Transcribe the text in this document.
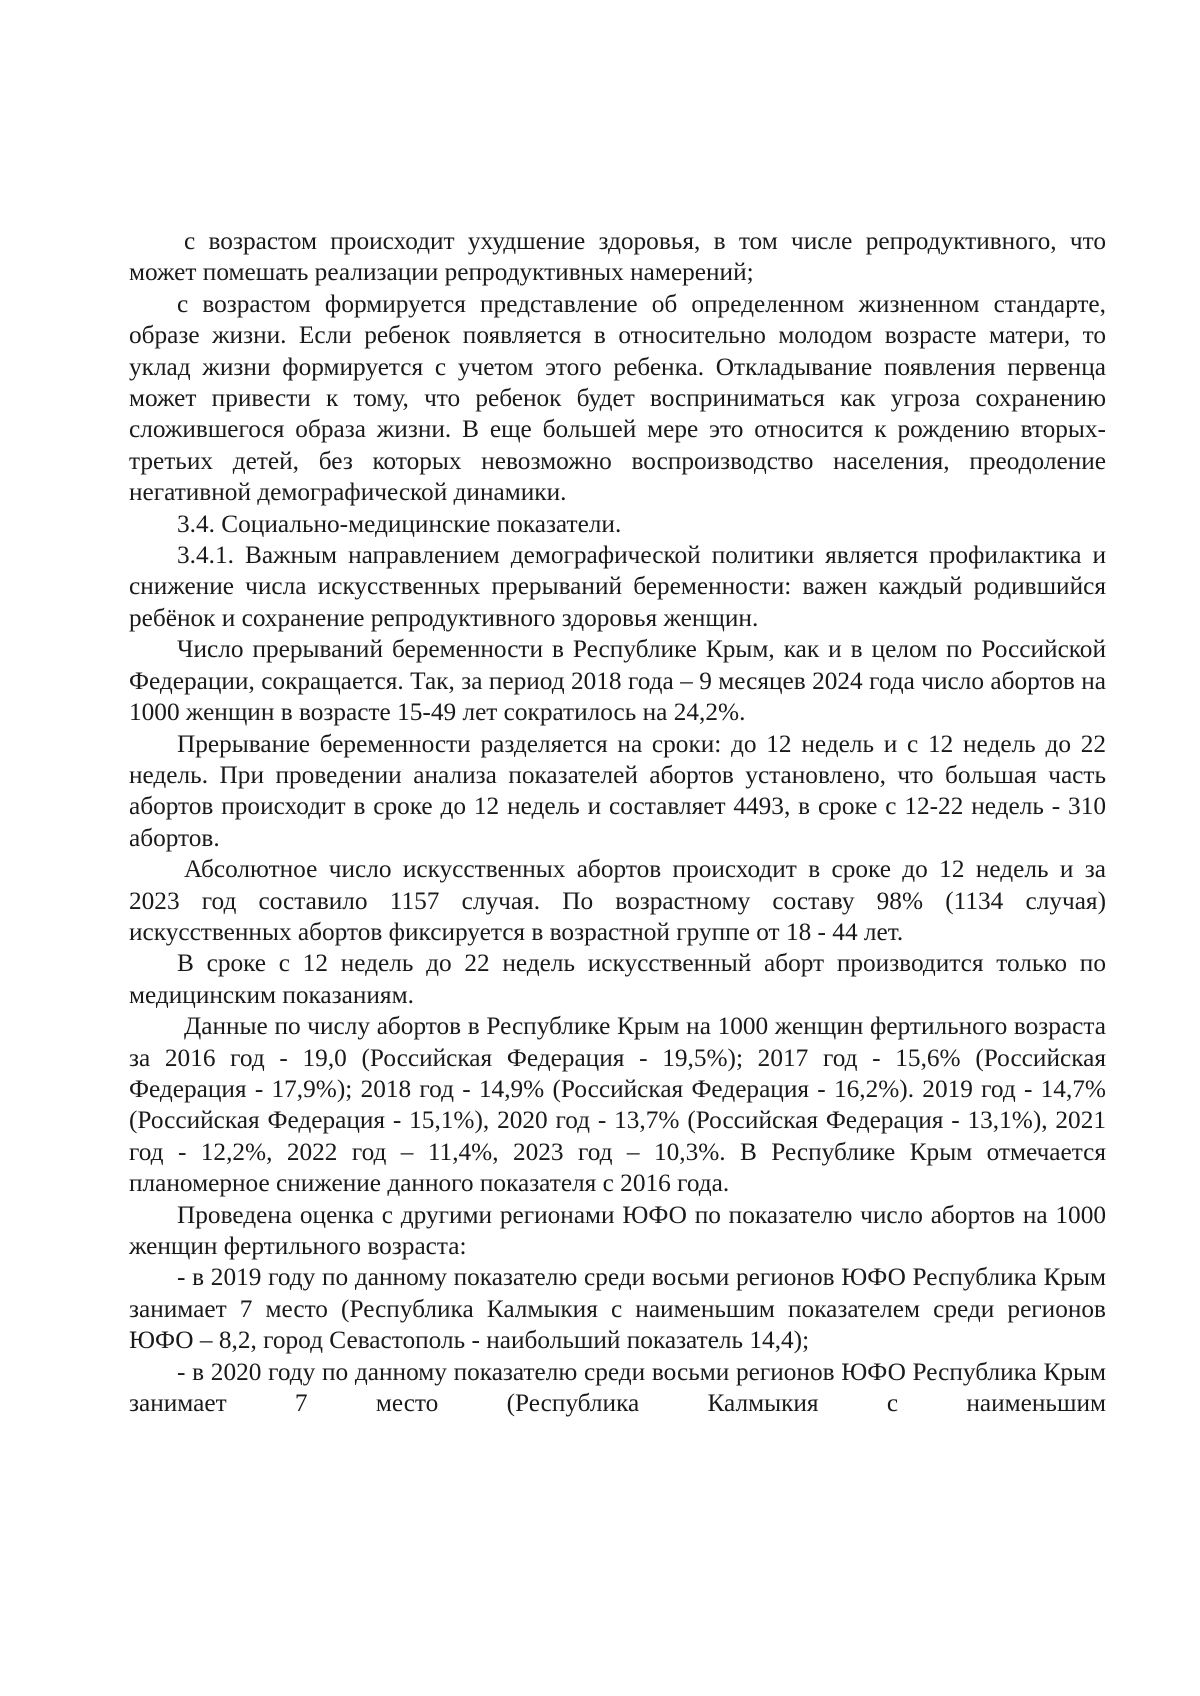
с возрастом происходит ухудшение здоровья, в том числе репродуктивного, что может помешать реализации репродуктивных намерений;

с возрастом формируется представление об определенном жизненном стандарте, образе жизни. Если ребенок появляется в относительно молодом возрасте матери, то уклад жизни формируется с учетом этого ребенка. Откладывание появления первенца может привести к тому, что ребенок будет восприниматься как угроза сохранению сложившегося образа жизни. В еще большей мере это относится к рождению вторых-третьих детей, без которых невозможно воспроизводство населения, преодоление негативной демографической динамики.

3.4. Социально-медицинские показатели.

3.4.1. Важным направлением демографической политики является профилактика и снижение числа искусственных прерываний беременности: важен каждый родившийся ребёнок и сохранение репродуктивного здоровья женщин.

Число прерываний беременности в Республике Крым, как и в целом по Российской Федерации, сокращается. Так, за период 2018 года – 9 месяцев 2024 года число абортов на 1000 женщин в возрасте 15-49 лет сократилось на 24,2%.

Прерывание беременности разделяется на сроки: до 12 недель и с 12 недель до 22 недель. При проведении анализа показателей абортов установлено, что большая часть абортов происходит в сроке до 12 недель и составляет 4493, в сроке с 12-22 недель - 310 абортов.

Абсолютное число искусственных абортов происходит в сроке до 12 недель и за 2023 год составило 1157 случая. По возрастному составу 98% (1134 случая) искусственных абортов фиксируется в возрастной группе от 18 - 44 лет.

В сроке с 12 недель до 22 недель искусственный аборт производится только по медицинским показаниям.

Данные по числу абортов в Республике Крым на 1000 женщин фертильного возраста за 2016 год - 19,0 (Российская Федерация - 19,5%); 2017 год - 15,6% (Российская Федерация - 17,9%); 2018 год - 14,9% (Российская Федерация - 16,2%). 2019 год - 14,7% (Российская Федерация - 15,1%), 2020 год - 13,7% (Российская Федерация - 13,1%), 2021 год - 12,2%, 2022 год – 11,4%, 2023 год – 10,3%. В Республике Крым отмечается планомерное снижение данного показателя с 2016 года.

Проведена оценка с другими регионами ЮФО по показателю число абортов на 1000 женщин фертильного возраста:

- в 2019 году по данному показателю среди восьми регионов ЮФО Республика Крым занимает 7 место (Республика Калмыкия с наименьшим показателем среди регионов ЮФО – 8,2, город Севастополь - наибольший показатель 14,4);

- в 2020 году по данному показателю среди восьми регионов ЮФО Республика Крым занимает 7 место (Республика Калмыкия с наименьшим
